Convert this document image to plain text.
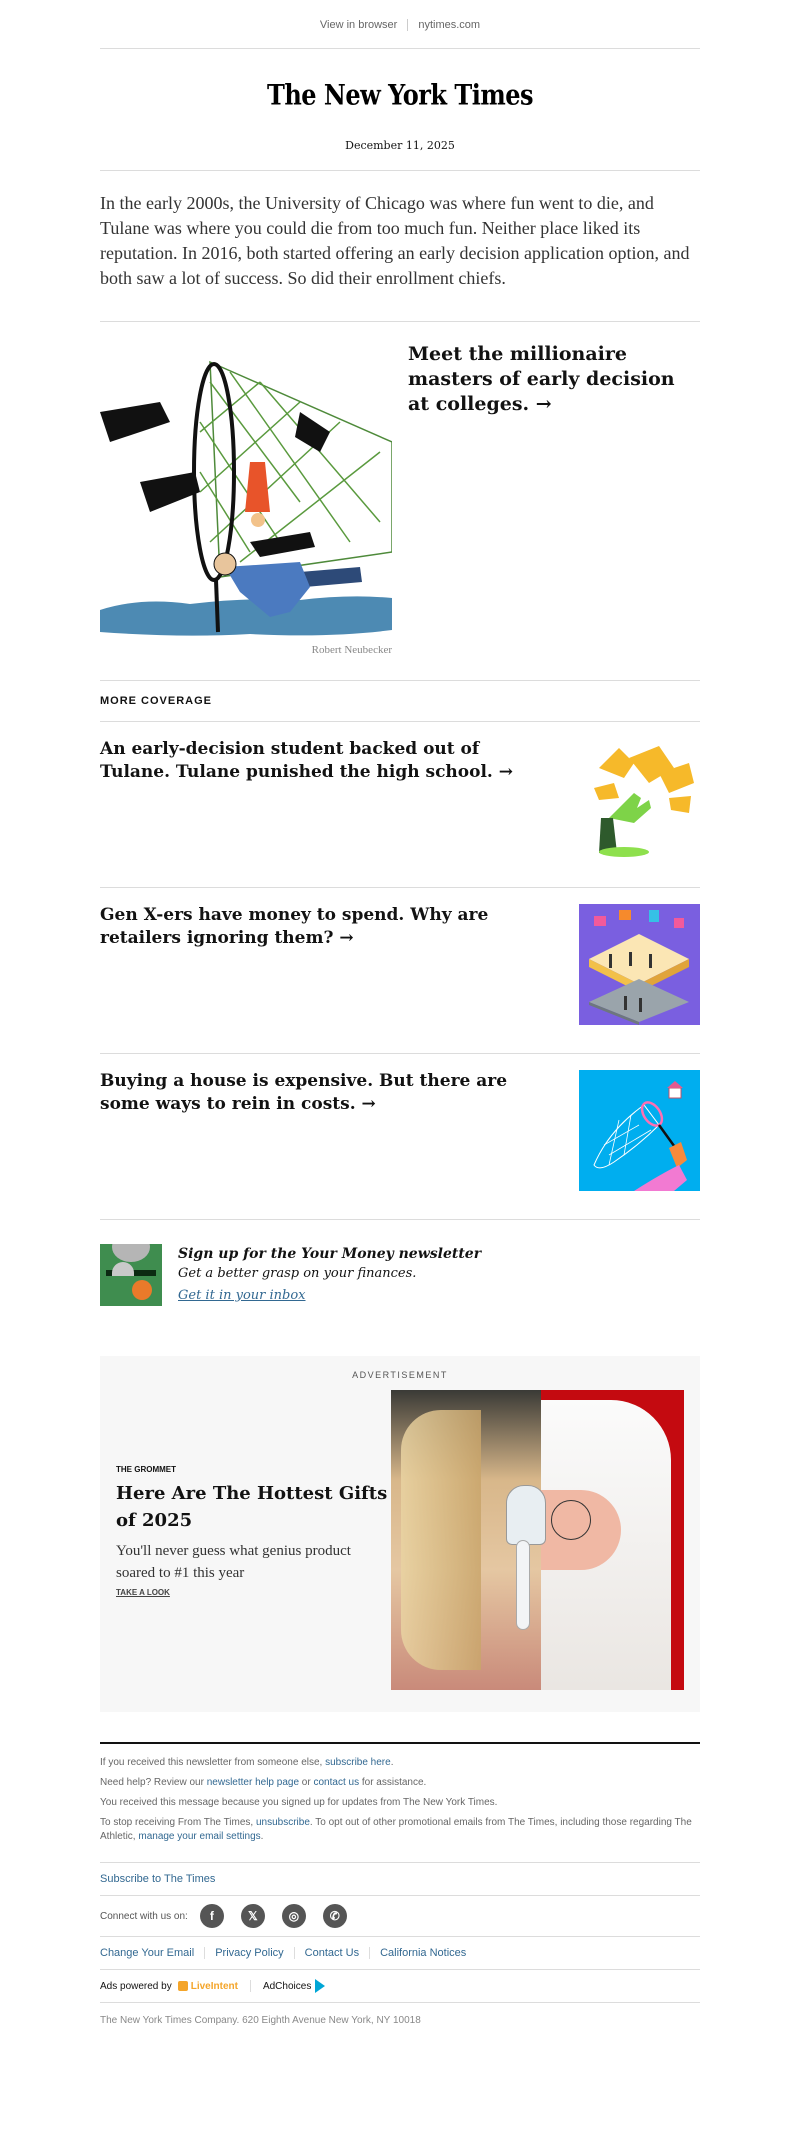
View in browser nytimes.com
The New York Times
December 11, 2025

In the early 2000s, the University of Chicago was where fun went to die, and Tulane was where you could die from too much fun. Neither place liked its reputation. In 2016, both started offering an early decision application option, and both saw a lot of success. So did their enrollment chiefs.

Robert Neubecker
Meet the millionaire masters of early decision at colleges. →
MORE COVERAGE
An early-decision student backed out of Tulane. Tulane punished the high school. →
Gen X-ers have money to spend. Why are retailers ignoring them? →
Buying a house is expensive. But there are some ways to rein in costs. →
Sign up for the Your Money newsletter
Get a better grasp on your finances.
Get it in your inbox
ADVERTISEMENT
THE GROMMET
Here Are The Hottest Gifts of 2025
You'll never guess what genius product soared to #1 this year
TAKE A LOOK

If you received this newsletter from someone else, subscribe here.

Need help? Review our newsletter help page or contact us for assistance.

You received this message because you signed up for updates from The New York Times.

To stop receiving From The Times, unsubscribe. To opt out of other promotional emails from The Times, including those regarding The Athletic, manage your email settings.

Subscribe to The Times
Connect with us on:	f	𝕏	◎	✆
Change Your Email	Privacy Policy	Contact Us	California Notices
Ads powered by LiveIntent	AdChoices
The New York Times Company. 620 Eighth Avenue New York, NY 10018
